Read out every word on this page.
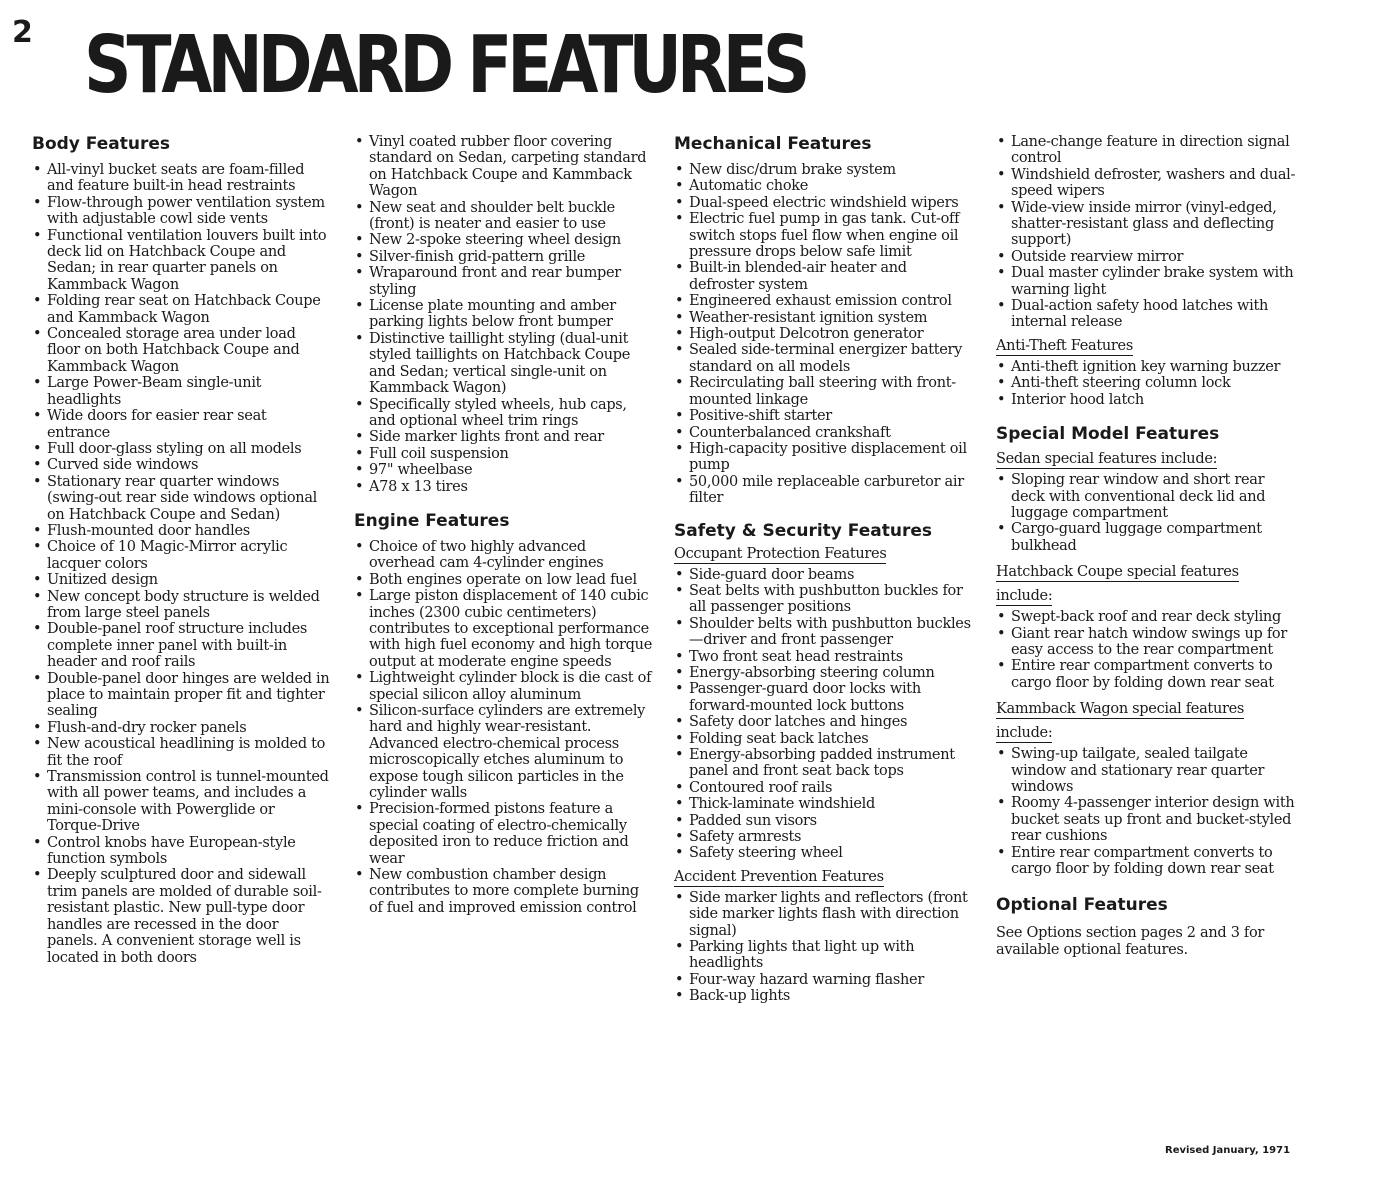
2 STANDARD FEATURES
Body Features
• All-vinyl bucket seats are foam-filled and feature built-in head restraints
• Flow-through power ventilation system with adjustable cowl side vents
• Functional ventilation louvers built into deck lid on Hatchback Coupe and Sedan; in rear quarter panels on Kammback Wagon
• Folding rear seat on Hatchback Coupe and Kammback Wagon
• Concealed storage area under load floor on both Hatchback Coupe and Kammback Wagon
• Large Power-Beam single-unit headlights
• Wide doors for easier rear seat entrance
• Full door-glass styling on all models
• Curved side windows
• Stationary rear quarter windows (swing-out rear side windows optional on Hatchback Coupe and Sedan)
• Flush-mounted door handles
• Choice of 10 Magic-Mirror acrylic lacquer colors
• Unitized design
• New concept body structure is welded from large steel panels
• Double-panel roof structure includes complete inner panel with built-in header and roof rails
• Double-panel door hinges are welded in place to maintain proper fit and tighter sealing
• Flush-and-dry rocker panels
• New acoustical headlining is molded to fit the roof
• Transmission control is tunnel-mounted with all power teams, and includes a mini-console with Powerglide or Torque-Drive
• Control knobs have European-style function symbols
• Deeply sculptured door and sidewall trim panels are molded of durable soil-resistant plastic. New pull-type door handles are recessed in the door panels. A convenient storage well is located in both doors
• Vinyl coated rubber floor covering standard on Sedan, carpeting standard on Hatchback Coupe and Kammback Wagon
• New seat and shoulder belt buckle (front) is neater and easier to use
• New 2-spoke steering wheel design
• Silver-finish grid-pattern grille
• Wraparound front and rear bumper styling
• License plate mounting and amber parking lights below front bumper
• Distinctive taillight styling (dual-unit styled taillights on Hatchback Coupe and Sedan; vertical single-unit on Kammback Wagon)
• Specifically styled wheels, hub caps, and optional wheel trim rings
• Side marker lights front and rear
• Full coil suspension
• 97" wheelbase
• A78 x 13 tires
Engine Features
• Choice of two highly advanced overhead cam 4-cylinder engines
• Both engines operate on low lead fuel
• Large piston displacement of 140 cubic inches (2300 cubic centimeters) contributes to exceptional performance with high fuel economy and high torque output at moderate engine speeds
• Lightweight cylinder block is die cast of special silicon alloy aluminum
• Silicon-surface cylinders are extremely hard and highly wear-resistant. Advanced electro-chemical process microscopically etches aluminum to expose tough silicon particles in the cylinder walls
• Precision-formed pistons feature a special coating of electro-chemically deposited iron to reduce friction and wear
• New combustion chamber design contributes to more complete burning of fuel and improved emission control
Mechanical Features
• New disc/drum brake system
• Automatic choke
• Dual-speed electric windshield wipers
• Electric fuel pump in gas tank. Cut-off switch stops fuel flow when engine oil pressure drops below safe limit
• Built-in blended-air heater and defroster system
• Engineered exhaust emission control
• Weather-resistant ignition system
• High-output Delcotron generator
• Sealed side-terminal energizer battery standard on all models
• Recirculating ball steering with front-mounted linkage
• Positive-shift starter
• Counterbalanced crankshaft
• High-capacity positive displacement oil pump
• 50,000 mile replaceable carburetor air filter
Safety & Security Features
Occupant Protection Features
• Side-guard door beams
• Seat belts with pushbutton buckles for all passenger positions
• Shoulder belts with pushbutton buckles—driver and front passenger
• Two front seat head restraints
• Energy-absorbing steering column
• Passenger-guard door locks with forward-mounted lock buttons
• Safety door latches and hinges
• Folding seat back latches
• Energy-absorbing padded instrument panel and front seat back tops
• Contoured roof rails
• Thick-laminate windshield
• Padded sun visors
• Safety armrests
• Safety steering wheel
Accident Prevention Features
• Side marker lights and reflectors (front side marker lights flash with direction signal)
• Parking lights that light up with headlights
• Four-way hazard warning flasher
• Back-up lights
• Lane-change feature in direction signal control
• Windshield defroster, washers and dual-speed wipers
• Wide-view inside mirror (vinyl-edged, shatter-resistant glass and deflecting support)
• Outside rearview mirror
• Dual master cylinder brake system with warning light
• Dual-action safety hood latches with internal release
Anti-Theft Features
• Anti-theft ignition key warning buzzer
• Anti-theft steering column lock
• Interior hood latch
Special Model Features
Sedan special features include:
• Sloping rear window and short rear deck with conventional deck lid and luggage compartment
• Cargo-guard luggage compartment bulkhead
Hatchback Coupe special features
include:
• Swept-back roof and rear deck styling
• Giant rear hatch window swings up for easy access to the rear compartment
• Entire rear compartment converts to cargo floor by folding down rear seat
Kammback Wagon special features
include:
• Swing-up tailgate, sealed tailgate window and stationary rear quarter windows
• Roomy 4-passenger interior design with bucket seats up front and bucket-styled rear cushions
• Entire rear compartment converts to cargo floor by folding down rear seat
Optional Features

See Options section pages 2 and 3 for available optional features.

Revised January, 1971
